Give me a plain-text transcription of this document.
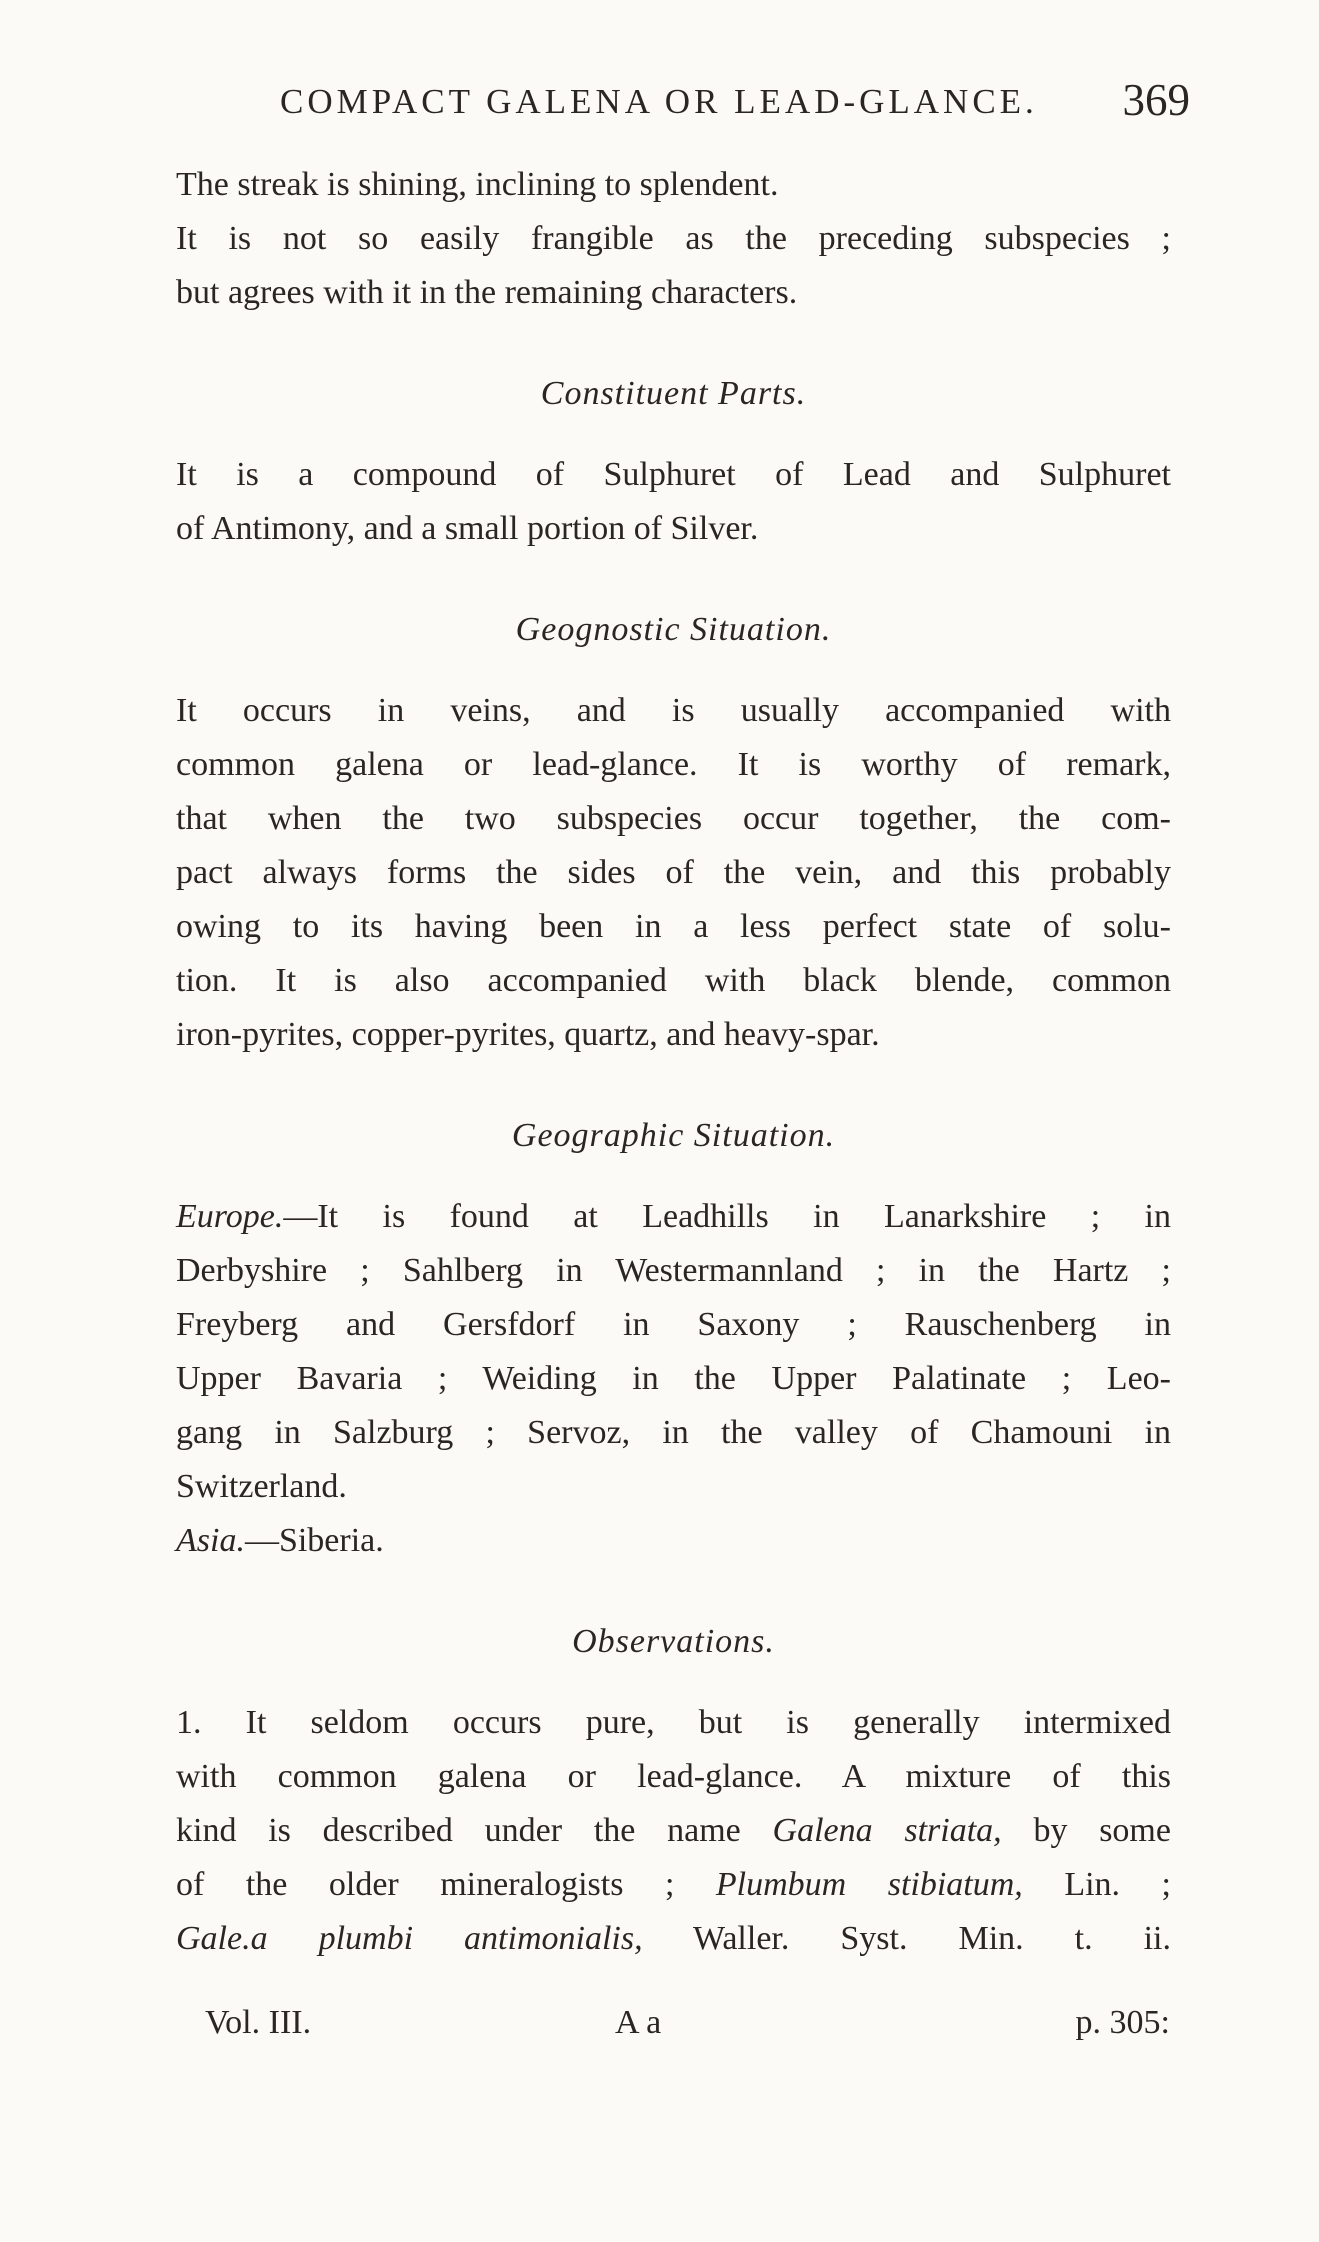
COMPACT GALENA OR LEAD-GLANCE. 369
The streak is shining, inclining to splendent.
It is not so easily frangible as the preceding subspecies ;
but agrees with it in the remaining characters.
Constituent Parts.
It is a compound of Sulphuret of Lead and Sulphuret
of Antimony, and a small portion of Silver.
Geognostic Situation.
It occurs in veins, and is usually accompanied with
common galena or lead-glance. It is worthy of remark,
that when the two subspecies occur together, the com-
pact always forms the sides of the vein, and this probably
owing to its having been in a less perfect state of solu-
tion. It is also accompanied with black blende, common
iron-pyrites, copper-pyrites, quartz, and heavy-spar.
Geographic Situation.
Europe.—It is found at Leadhills in Lanarkshire ; in
Derbyshire ; Sahlberg in Westermannland ; in the Hartz ;
Freyberg and Gersfdorf in Saxony ; Rauschenberg in
Upper Bavaria ; Weiding in the Upper Palatinate ; Leo-
gang in Salzburg ; Servoz, in the valley of Chamouni in
Switzerland.
Asia.—Siberia.
Observations.
1. It seldom occurs pure, but is generally intermixed
with common galena or lead-glance. A mixture of this
kind is described under the name Galena striata, by some
of the older mineralogists ; Plumbum stibiatum, Lin. ;
Gale.a plumbi antimonialis, Waller. Syst. Min. t. ii.
Vol. III.	A a	p. 305:
